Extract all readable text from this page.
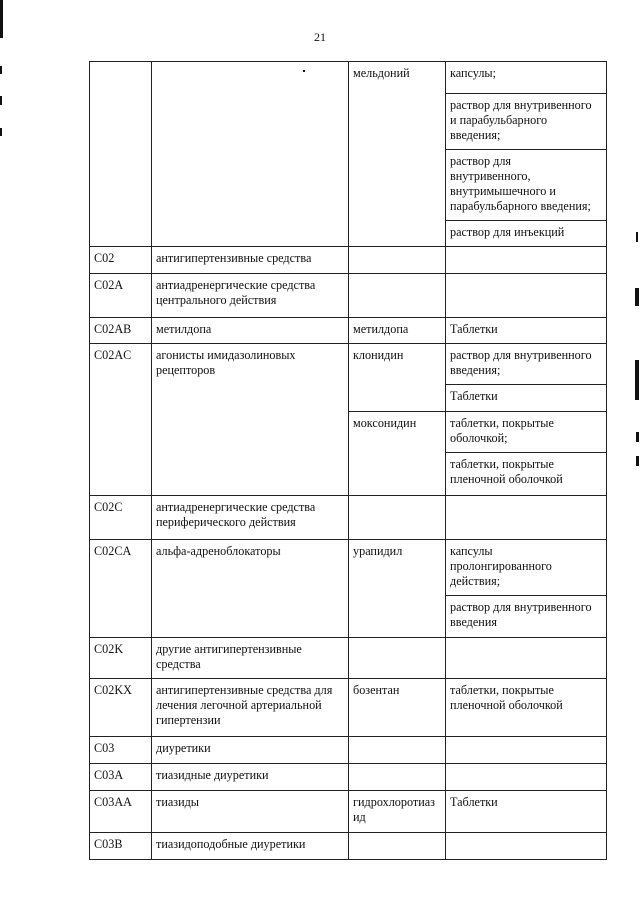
21

		мельдоний	капсулы;

			раствор для внутривенного
и парабульбарного
введения;

			раствор для
внутривенного,
внутримышечного и
парабульбарного введения;

			раствор для инъекций

C02	антигипертензивные средства		

C02A	антиадренергические средства
центрального действия		

C02AB	метилдопа	метилдопа	Таблетки

C02AC	агонисты имидазолиновых
рецепторов	клонидин	раствор для внутривенного
введения;

			Таблетки

		моксонидин	таблетки, покрытые
оболочкой;

			таблетки, покрытые
пленочной оболочкой

C02C	антиадренергические средства
периферического действия		

C02CA	альфа-адреноблокаторы	урапидил	капсулы
пролонгированного
действия;

			раствор для внутривенного
введения

C02K	другие антигипертензивные
средства		

C02KX	антигипертензивные средства для
лечения легочной артериальной
гипертензии	бозентан	таблетки, покрытые
пленочной оболочкой

C03	диуретики		

C03A	тиазидные диуретики		

C03AA	тиазиды	гидрохлоротиаз
ид	Таблетки

C03B	тиазидоподобные диуретики		
